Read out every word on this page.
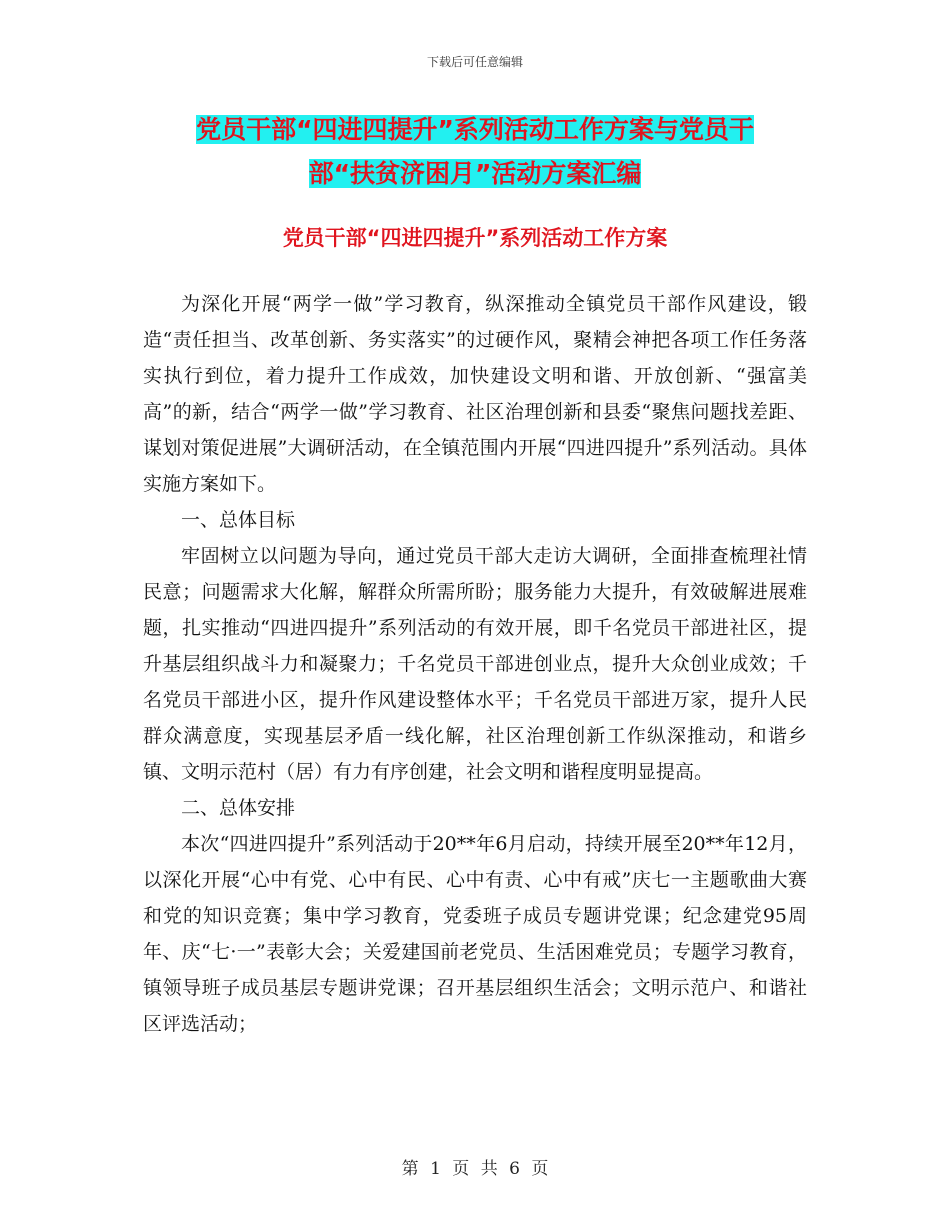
下载后可任意编辑
党员干部“四进四提升”系列活动工作方案与党员干
部“扶贫济困月”活动方案汇编
党员干部“四进四提升”系列活动工作方案

为深化开展“两学一做”学习教育，纵深推动全镇党员干部作风建设，锻造“责任担当、改革创新、务实落实”的过硬作风，聚精会神把各项工作任务落实执行到位，着力提升工作成效，加快建设文明和谐、开放创新、“强富美高”的新，结合“两学一做”学习教育、社区治理创新和县委“聚焦问题找差距、谋划对策促进展”大调研活动，在全镇范围内开展“四进四提升”系列活动。具体实施方案如下。

一、总体目标

牢固树立以问题为导向，通过党员干部大走访大调研，全面排查梳理社情民意；问题需求大化解，解群众所需所盼；服务能力大提升，有效破解进展难题，扎实推动“四进四提升”系列活动的有效开展，即千名党员干部进社区，提升基层组织战斗力和凝聚力；千名党员干部进创业点，提升大众创业成效；千名党员干部进小区，提升作风建设整体水平；千名党员干部进万家，提升人民群众满意度，实现基层矛盾一线化解，社区治理创新工作纵深推动，和谐乡镇、文明示范村（居）有力有序创建，社会文明和谐程度明显提高。

二、总体安排

本次“四进四提升”系列活动于20**年6月启动，持续开展至20**年12月，以深化开展“心中有党、心中有民、心中有责、心中有戒”庆七一主题歌曲大赛和党的知识竞赛；集中学习教育，党委班子成员专题讲党课；纪念建党95周年、庆“七·一”表彰大会；关爱建国前老党员、生活困难党员；专题学习教育，镇领导班子成员基层专题讲党课；召开基层组织生活会；文明示范户、和谐社区评选活动；

第 1 页 共 6 页
